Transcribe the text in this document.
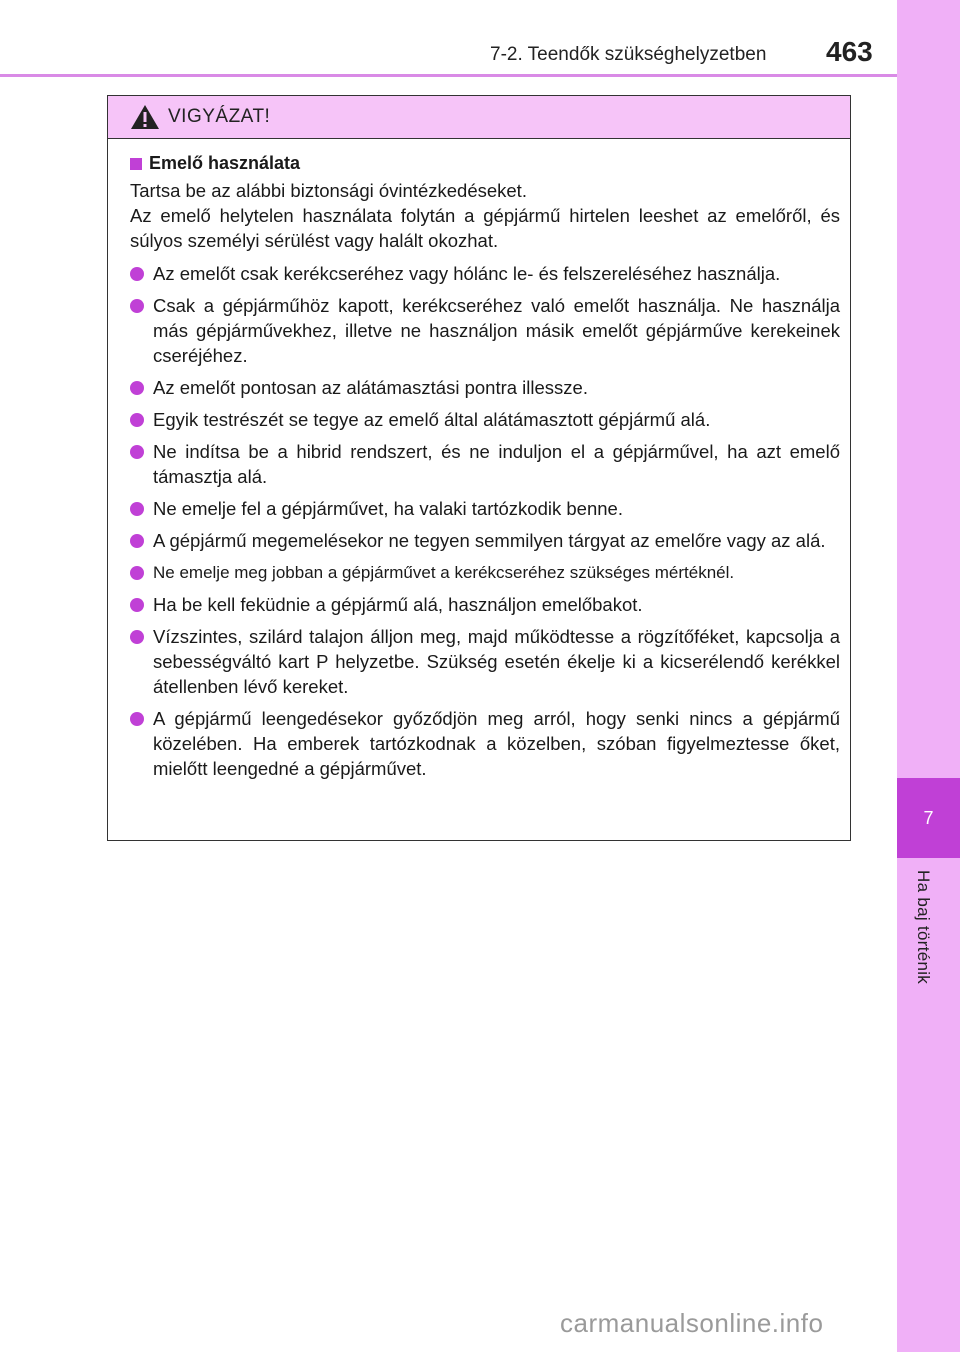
7-2. Teendők szükséghelyzetben 463
7
Ha baj történik
VIGYÁZAT!
Emelő használata

Tartsa be az alábbi biztonsági óvintézkedéseket.

Az emelő helytelen használata folytán a gépjármű hirtelen leeshet az emelőről, és súlyos személyi sérülést vagy halált okozhat.

Az emelőt csak kerékcseréhez vagy hólánc le- és felszereléséhez használja.
Csak a gépjárműhöz kapott, kerékcseréhez való emelőt használja. Ne használja más gépjárművekhez, illetve ne használjon másik emelőt gépjárműve kerekeinek cseréjéhez.
Az emelőt pontosan az alátámasztási pontra illessze.
Egyik testrészét se tegye az emelő által alátámasztott gépjármű alá.
Ne indítsa be a hibrid rendszert, és ne induljon el a gépjárművel, ha azt emelő támasztja alá.
Ne emelje fel a gépjárművet, ha valaki tartózkodik benne.
A gépjármű megemelésekor ne tegyen semmilyen tárgyat az emelőre vagy az alá.
Ne emelje meg jobban a gépjárművet a kerékcseréhez szükséges mértéknél.
Ha be kell feküdnie a gépjármű alá, használjon emelőbakot.
Vízszintes, szilárd talajon álljon meg, majd működtesse a rögzítőféket, kapcsolja a sebességváltó kart P helyzetbe. Szükség esetén ékelje ki a kicserélendő kerékkel átellenben lévő kereket.
A gépjármű leengedésekor győződjön meg arról, hogy senki nincs a gépjármű közelében. Ha emberek tartózkodnak a közelben, szóban figyelmeztesse őket, mielőtt leengedné a gépjárművet.
carmanualsonline.info
